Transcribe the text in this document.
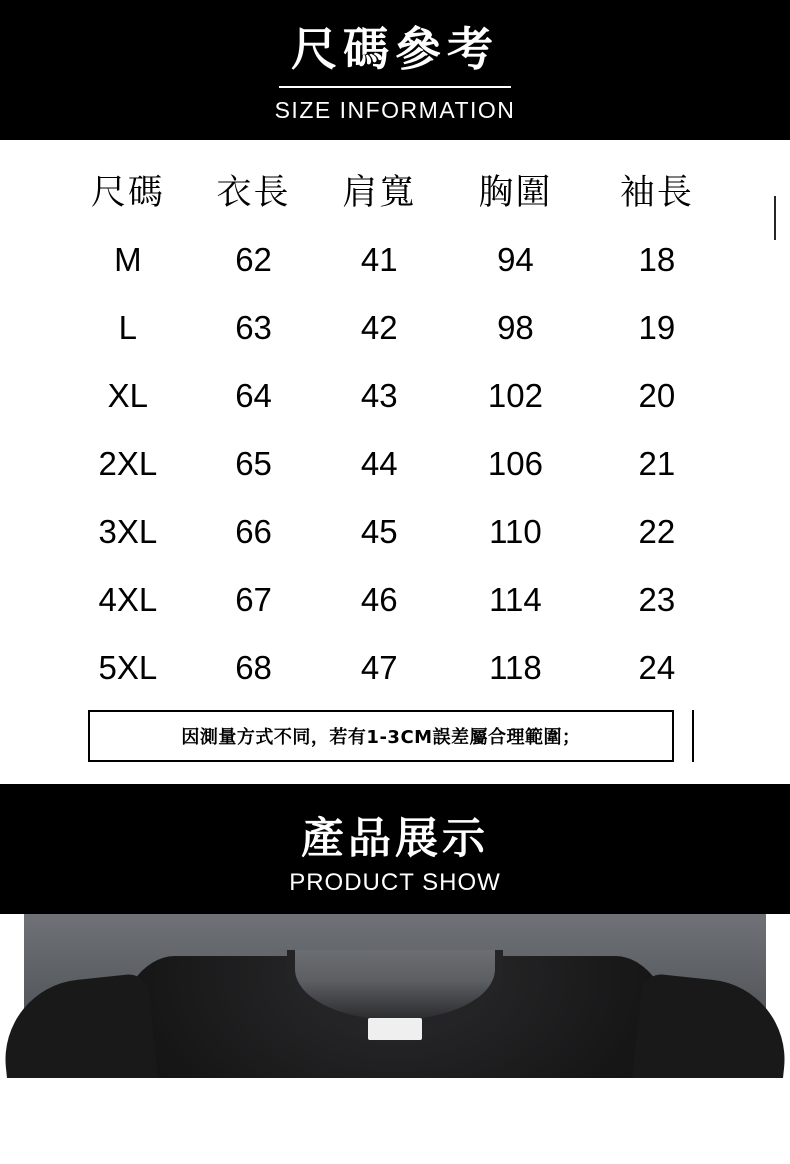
尺碼參考

SIZE INFORMATION

尺碼	衣長	肩寬	胸圍	袖長
M	62	41	94	18
L	63	42	98	19
XL	64	43	102	20
2XL	65	44	106	21
3XL	66	45	110	22
4XL	67	46	114	23
5XL	68	47	118	24
因測量方式不同，若有1-3CM誤差屬合理範圍；

產品展示

PRODUCT SHOW
